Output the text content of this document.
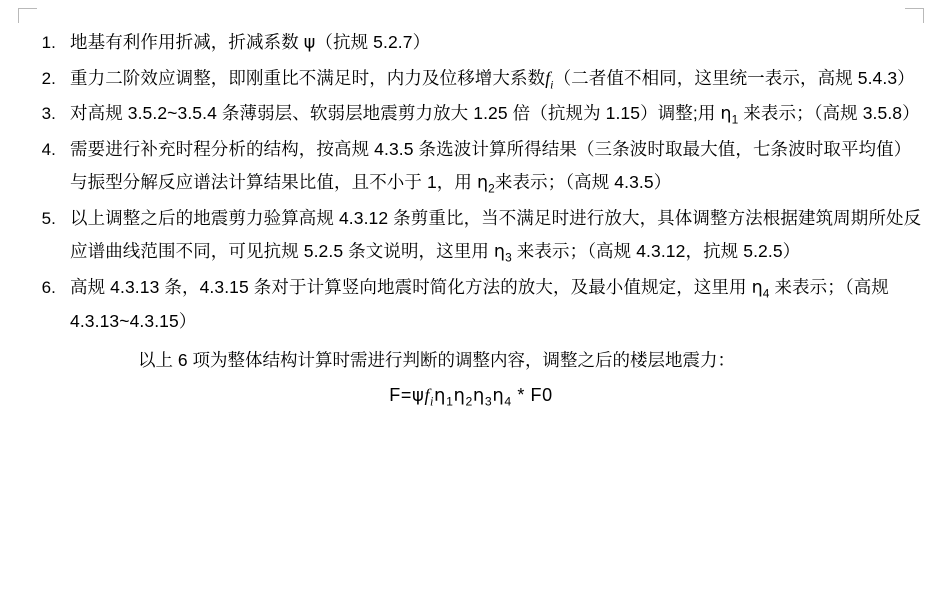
1. 地基有利作用折减，折减系数 ψ（抗规 5.2.7）
2. 重力二阶效应调整，即刚重比不满足时，内力及位移增大系数$f_i$（二者值不相同，这里统一表示，高规 5.4.3）
3. 对高规 3.5.2~3.5.4 条薄弱层、软弱层地震剪力放大 1.25 倍（抗规为 1.15）调整;用 $\eta_1$ 来表示；（高规 3.5.8）
4. 需要进行补充时程分析的结构，按高规 4.3.5 条选波计算所得结果（三条波时取最大值，七条波时取平均值）与振型分解反应谱法计算结果比值，且不小于 1，用 $\eta_2$来表示；（高规 4.3.5）
5. 以上调整之后的地震剪力验算高规 4.3.12 条剪重比，当不满足时进行放大，具体调整方法根据建筑周期所处反应谱曲线范围不同，可见抗规 5.2.5 条文说明，这里用 $\eta_3$ 来表示；（高规 4.3.12，抗规 5.2.5）
6. 高规 4.3.13 条，4.3.15 条对于计算竖向地震时简化方法的放大，及最小值规定，这里用 $\eta_4$ 来表示；（高规 4.3.13~4.3.15）
以上 6 项为整体结构计算时需进行判断的调整内容，调整之后的楼层地震力：
$F=\psi f_i\eta_1\eta_2\eta_3\eta_4 * F0$
